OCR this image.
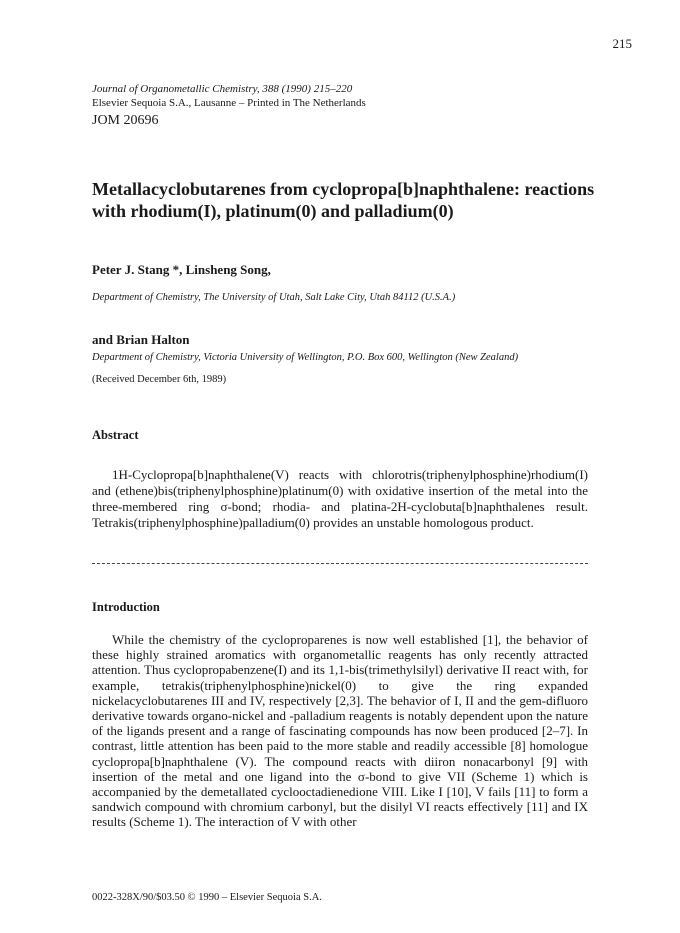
215
Journal of Organometallic Chemistry, 388 (1990) 215–220
Elsevier Sequoia S.A., Lausanne – Printed in The Netherlands
JOM 20696
Metallacyclobutarenes from cyclopropa[b]naphthalene: reactions with rhodium(I), platinum(0) and palladium(0)
Peter J. Stang *, Linsheng Song,
Department of Chemistry, The University of Utah, Salt Lake City, Utah 84112 (U.S.A.)
and Brian Halton
Department of Chemistry, Victoria University of Wellington, P.O. Box 600, Wellington (New Zealand)
(Received December 6th, 1989)
Abstract

1H-Cyclopropa[b]naphthalene(V) reacts with chlorotris(triphenylphosphine)rhodium(I) and (ethene)bis(triphenylphosphine)platinum(0) with oxidative insertion of the metal into the three-membered ring σ-bond; rhodia- and platina-2H-cyclobuta[b]naphthalenes result. Tetrakis(triphenylphosphine)palladium(0) provides an unstable homologous product.

Introduction

While the chemistry of the cycloproparenes is now well established [1], the behavior of these highly strained aromatics with organometallic reagents has only recently attracted attention. Thus cyclopropabenzene(I) and its 1,1-bis(trimethylsilyl) derivative II react with, for example, tetrakis(triphenylphosphine)nickel(0) to give the ring expanded nickelacyclobutarenes III and IV, respectively [2,3]. The behavior of I, II and the gem-difluoro derivative towards organo-nickel and -palladium reagents is notably dependent upon the nature of the ligands present and a range of fascinating compounds has now been produced [2–7]. In contrast, little attention has been paid to the more stable and readily accessible [8] homologue cyclopropa[b]naphthalene (V). The compound reacts with diiron nonacarbonyl [9] with insertion of the metal and one ligand into the σ-bond to give VII (Scheme 1) which is accompanied by the demetallated cyclooctadienedione VIII. Like I [10], V fails [11] to form a sandwich compound with chromium carbonyl, but the disilyl VI reacts effectively [11] and IX results (Scheme 1). The interaction of V with other

0022-328X/90/$03.50 © 1990 – Elsevier Sequoia S.A.
